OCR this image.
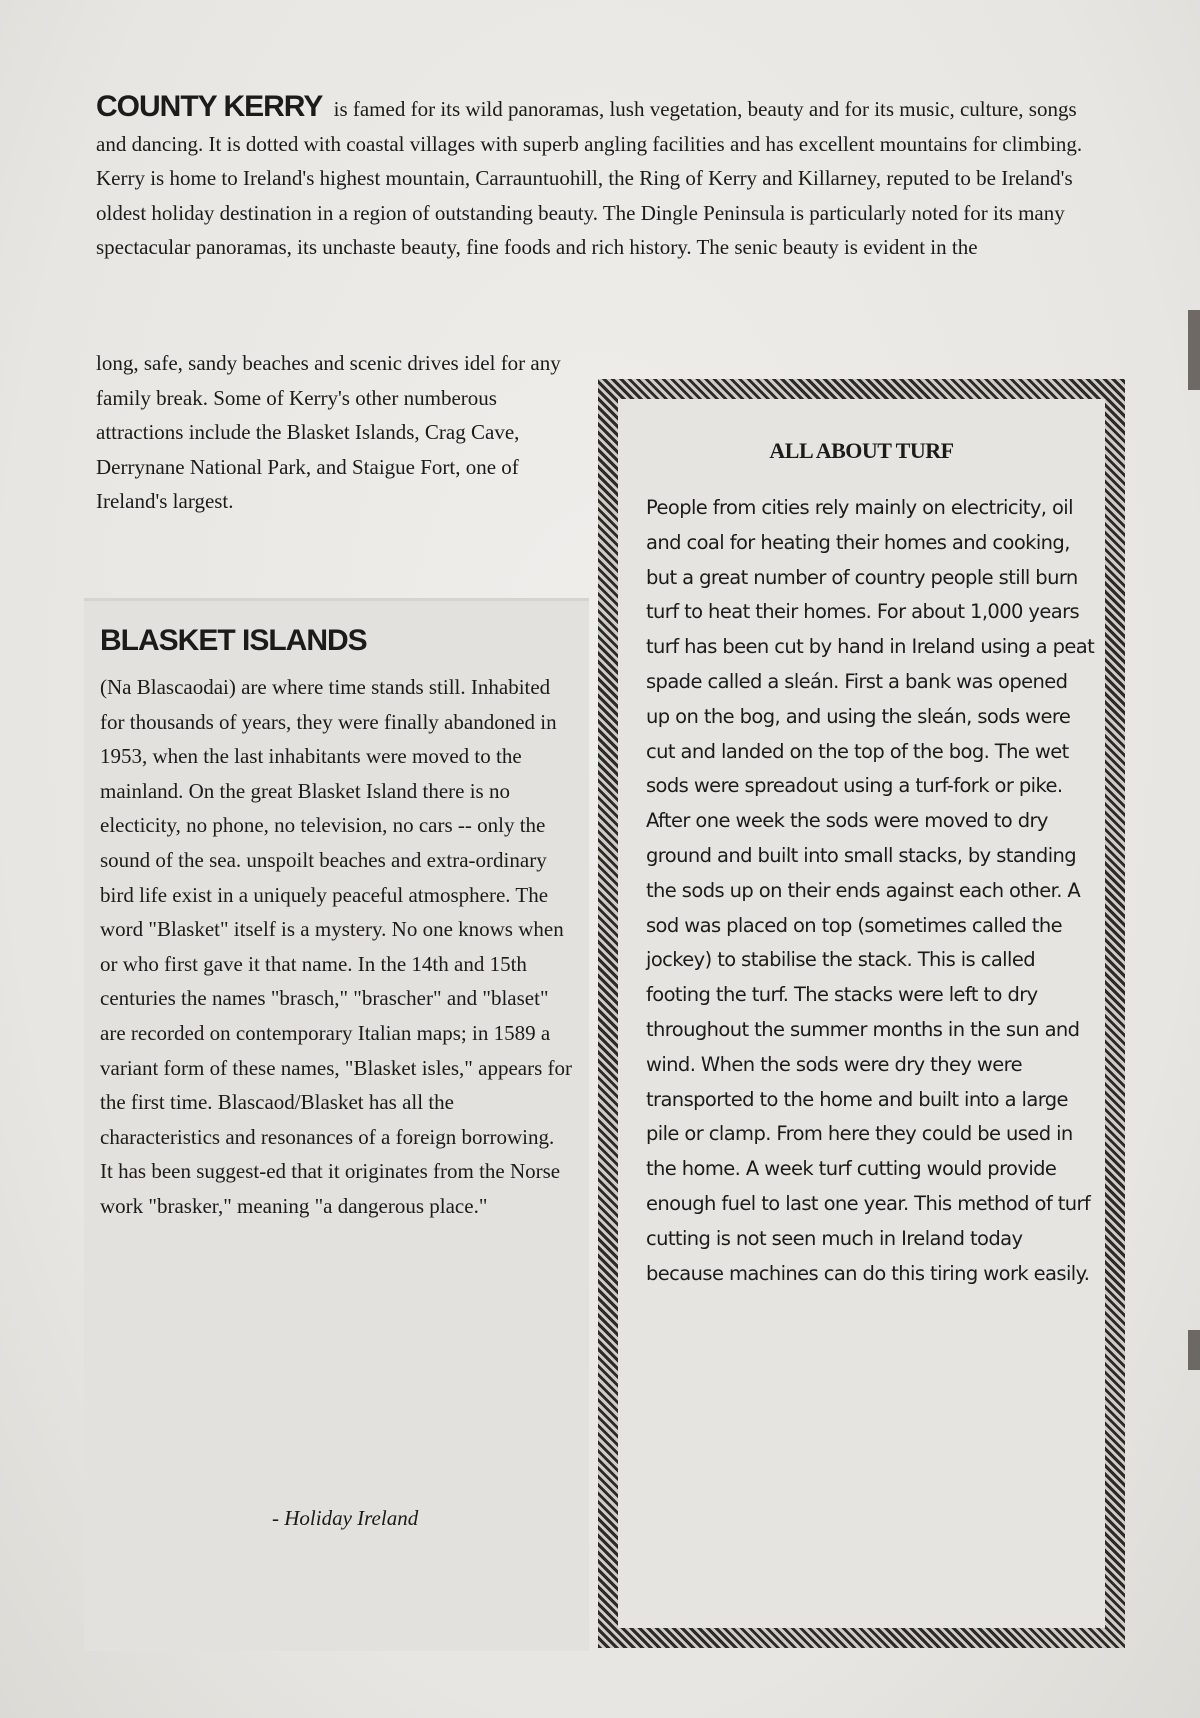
COUNTY KERRY is famed for its wild panoramas, lush vegetation, beauty and for its music, culture, songs and dancing. It is dotted with coastal villages with superb angling facilities and has excellent mountains for climbing. Kerry is home to Ireland's highest mountain, Carrauntuohill, the Ring of Kerry and Killarney, reputed to be Ireland's oldest holiday destination in a region of outstanding beauty. The Dingle Peninsula is particularly noted for its many spectacular panoramas, its unchaste beauty, fine foods and rich history. The senic beauty is evident in the
long, safe, sandy beaches and scenic drives idel for any family break. Some of Kerry's other numberous attractions include the Blasket Islands, Crag Cave, Derrynane National Park, and Staigue Fort, one of Ireland's largest.
BLASKET ISLANDS
(Na Blascaodai) are where time stands still. Inhabited for thousands of years, they were finally abandoned in 1953, when the last inhabitants were moved to the mainland. On the great Blasket Island there is no electicity, no phone, no television, no cars -- only the sound of the sea. unspoilt beaches and extra-ordinary bird life exist in a uniquely peaceful atmosphere. The word "Blasket" itself is a mystery. No one knows when or who first gave it that name. In the 14th and 15th centuries the names "brasch," "brascher" and "blaset" are recorded on contemporary Italian maps; in 1589 a variant form of these names, "Blasket isles," appears for the first time. Blascaod/Blasket has all the characteristics and resonances of a foreign borrowing. It has been suggest-ed that it originates from the Norse work "brasker," meaning "a dangerous place."
- Holiday Ireland
ALL ABOUT TURF
People from cities rely mainly on electricity, oil and coal for heating their homes and cooking, but a great number of country people still burn turf to heat their homes. For about 1,000 years turf has been cut by hand in Ireland using a peat spade called a sleán. First a bank was opened up on the bog, and using the sleán, sods were cut and landed on the top of the bog. The wet sods were spreadout using a turf-fork or pike. After one week the sods were moved to dry ground and built into small stacks, by standing the sods up on their ends against each other. A sod was placed on top (sometimes called the jockey) to stabilise the stack. This is called footing the turf. The stacks were left to dry throughout the summer months in the sun and wind. When the sods were dry they were transported to the home and built into a large pile or clamp. From here they could be used in the home. A week turf cutting would provide enough fuel to last one year. This method of turf cutting is not seen much in Ireland today because machines can do this tiring work easily.
